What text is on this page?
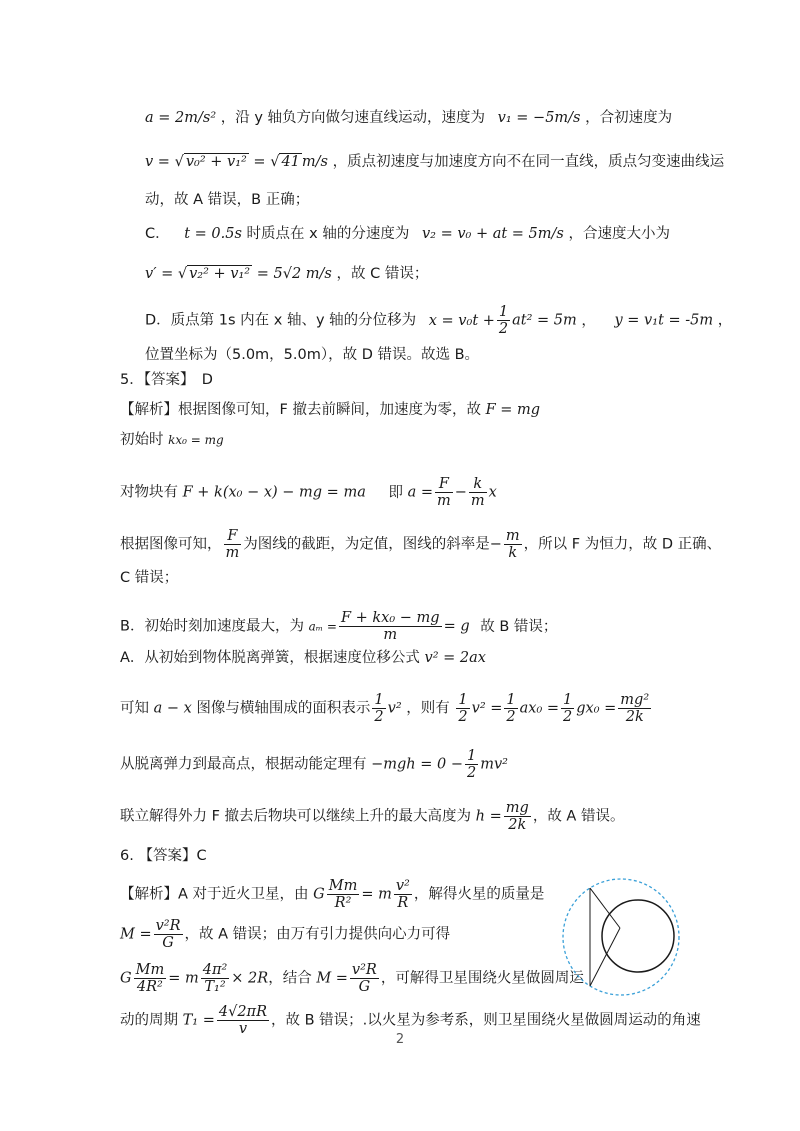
a = 2m/s² ，沿 y 轴负方向做匀速直线运动，速度为 v₁ = −5m/s ，合初速度为
v = √ v₀² + v₁² = √ 41 m/s ，质点初速度与加速度方向不在同一直线，质点匀变速曲线运
动，故 A 错误，B 正确；
C． t = 0.5s 时质点在 x 轴的分速度为 v₂ = v₀ + at = 5m/s ，合速度大小为
v′ = √ v₂² + v₁² = 5√2 m/s ，故 C 错误；
D．质点第 1s 内在 x 轴、y 轴的分位移为 $x = v_0t + \frac{1}{2} at^2 = 5m$ ， y = v₁t = -5m ，
位置坐标为（5.0m，5.0m），故 D 错误。故选 B。
5．【答案】　D
【解析】根据图像可知，F 撤去前瞬间，加速度为零，故 F = mg
初始时 kx₀ = mg
对物块有 F + k(x₀ − x) − mg = ma 即 $a = \frac{F}{m} - \frac{k}{m}$ x
根据图像可知， $\frac{F}{m}$ 为图线的截距，为定值，图线的斜率是− $\frac{m}{k}$ ，所以 F 为恒力，故 D 正确、
C 错误；
B．初始时刻加速度最大，为 $a_m = \frac{\text{F + kx₀ − mg}}{m} = g$ 故 B 错误；
A．从初始到物体脱离弹簧，根据速度位移公式 v² = 2ax
可知 a − x 图像与横轴围成的面积表示 $\frac{1}{2} v^2$ ，则有 $\frac{1}{2} v^2 = \frac{1}{2} ax_0 = \frac{1}{2} gx_0 = \frac{\text{mg²}}{2k}$
从脱离弹力到最高点，根据动能定理有 $-mgh = 0 - \frac{1}{2} mv^2$
联立解得外力 F 撤去后物块可以继续上升的最大高度为 $h = \frac{mg}{2k}$ ，故 A 错误。
6. 【答案】C
【解析】A 对于近火卫星，由 G $\frac{Mm}{\text{R²}} = m \frac{\text{v²}}{R}$ ，解得火星的质量是
$M = \frac{\text{v²R}}{G}$ ，故 A 错误；由万有引力提供向心力可得
G $\frac{Mm}{\text{4R²}} = m \frac{\text{4π²}}{\text{T₁²}} \times 2R$，结合 $M = \frac{\text{v²R}}{G}$ ，可解得卫星围绕火星做圆周运
动的周期 $T_1 = \frac{4√2\pi R}{v}$ ，故 B 错误；.以火星为参考系，则卫星围绕火星做圆周运动的角速
2
